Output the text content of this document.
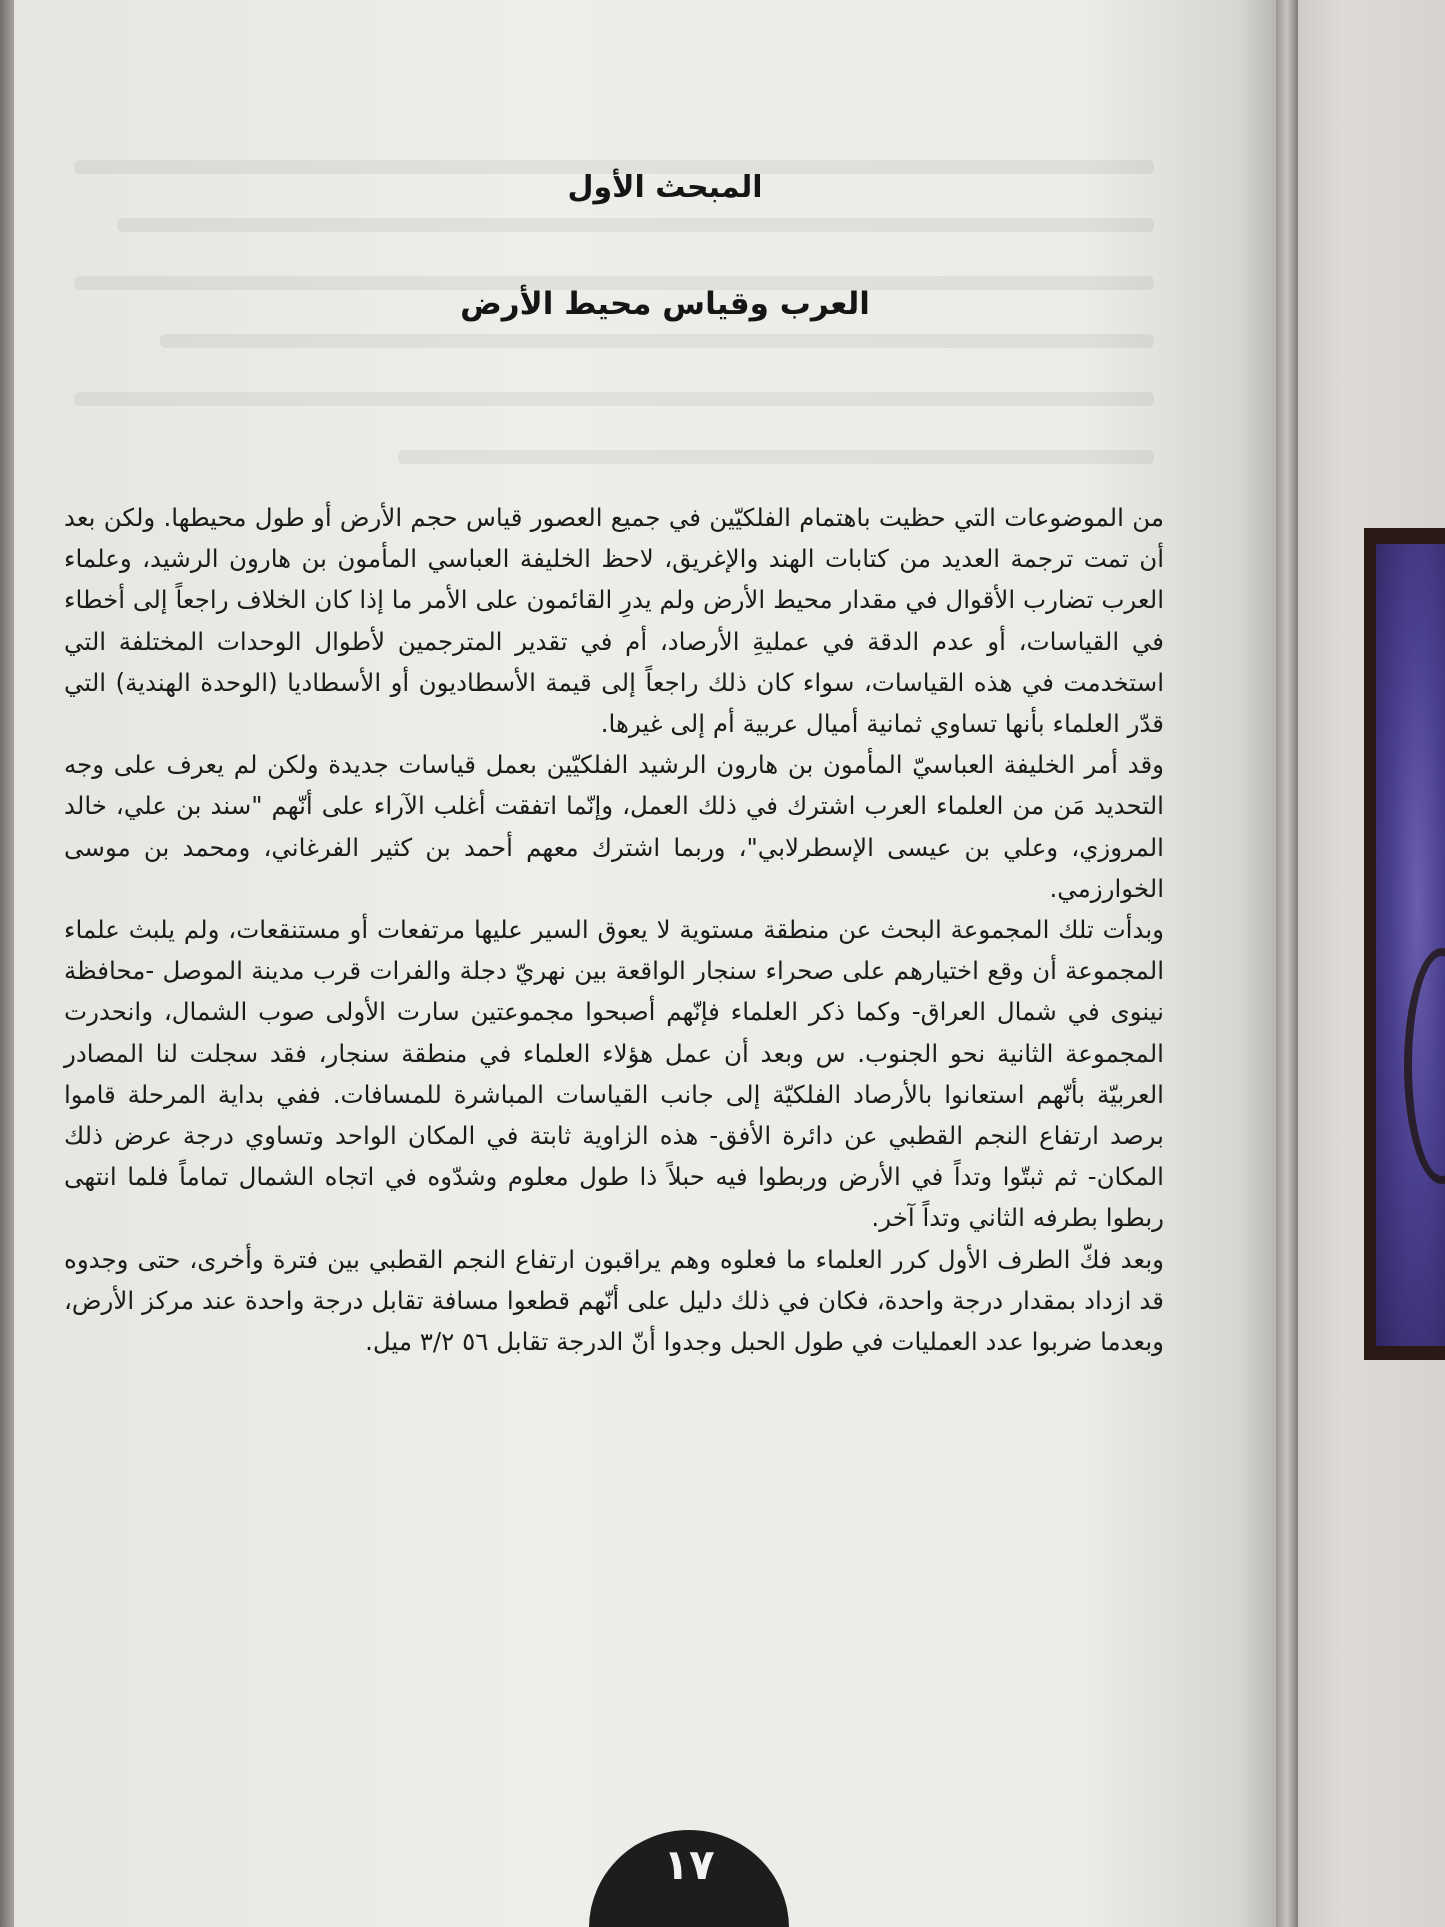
المبحث الأول
العرب وقياس محيط الأرض

من الموضوعات التي حظيت باهتمام الفلكيّين في جميع العصور قياس حجم الأرض أو طول محيطها. ولكن بعد أن تمت ترجمة العديد من كتابات الهند والإغريق، لاحظ الخليفة العباسي المأمون بن هارون الرشيد، وعلماء العرب تضارب الأقوال في مقدار محيط الأرض ولم يدرِ القائمون على الأمر ما إذا كان الخلاف راجعاً إلى أخطاء في القياسات، أو عدم الدقة في عمليةِ الأرصاد، أم في تقدير المترجمين لأطوال الوحدات المختلفة التي استخدمت في هذه القياسات، سواء كان ذلك راجعاً إلى قيمة الأسطاديون أو الأسطاديا (الوحدة الهندية) التي قدّر العلماء بأنها تساوي ثمانية أميال عربية أم إلى غيرها.

وقد أمر الخليفة العباسيّ المأمون بن هارون الرشيد الفلكيّين بعمل قياسات جديدة ولكن لم يعرف على وجه التحديد مَن من العلماء العرب اشترك في ذلك العمل، وإنّما اتفقت أغلب الآراء على أنّهم "سند بن علي، خالد المروزي، وعلي بن عيسى الإسطرلابي"، وربما اشترك معهم أحمد بن كثير الفرغاني، ومحمد بن موسى الخوارزمي.

وبدأت تلك المجموعة البحث عن منطقة مستوية لا يعوق السير عليها مرتفعات أو مستنقعات، ولم يلبث علماء المجموعة أن وقع اختيارهم على صحراء سنجار الواقعة بين نهريّ دجلة والفرات قرب مدينة الموصل -محافظة نينوى في شمال العراق- وكما ذكر العلماء فإنّهم أصبحوا مجموعتين سارت الأولى صوب الشمال، وانحدرت المجموعة الثانية نحو الجنوب. س وبعد أن عمل هؤلاء العلماء في منطقة سنجار، فقد سجلت لنا المصادر العربيّة بأنّهم استعانوا بالأرصاد الفلكيّة إلى جانب القياسات المباشرة للمسافات. ففي بداية المرحلة قاموا برصد ارتفاع النجم القطبي عن دائرة الأفق- هذه الزاوية ثابتة في المكان الواحد وتساوي درجة عرض ذلك المكان- ثم ثبتّوا وتداً في الأرض وربطوا فيه حبلاً ذا طول معلوم وشدّوه في اتجاه الشمال تماماً فلما انتهى ربطوا بطرفه الثاني وتداً آخر.

وبعد فكّ الطرف الأول كرر العلماء ما فعلوه وهم يراقبون ارتفاع النجم القطبي بين فترة وأخرى، حتى وجدوه قد ازداد بمقدار درجة واحدة، فكان في ذلك دليل على أنّهم قطعوا مسافة تقابل درجة واحدة عند مركز الأرض، وبعدما ضربوا عدد العمليات في طول الحبل وجدوا أنّ الدرجة تقابل ٥٦ ٣/٢ ميل.

١٧
